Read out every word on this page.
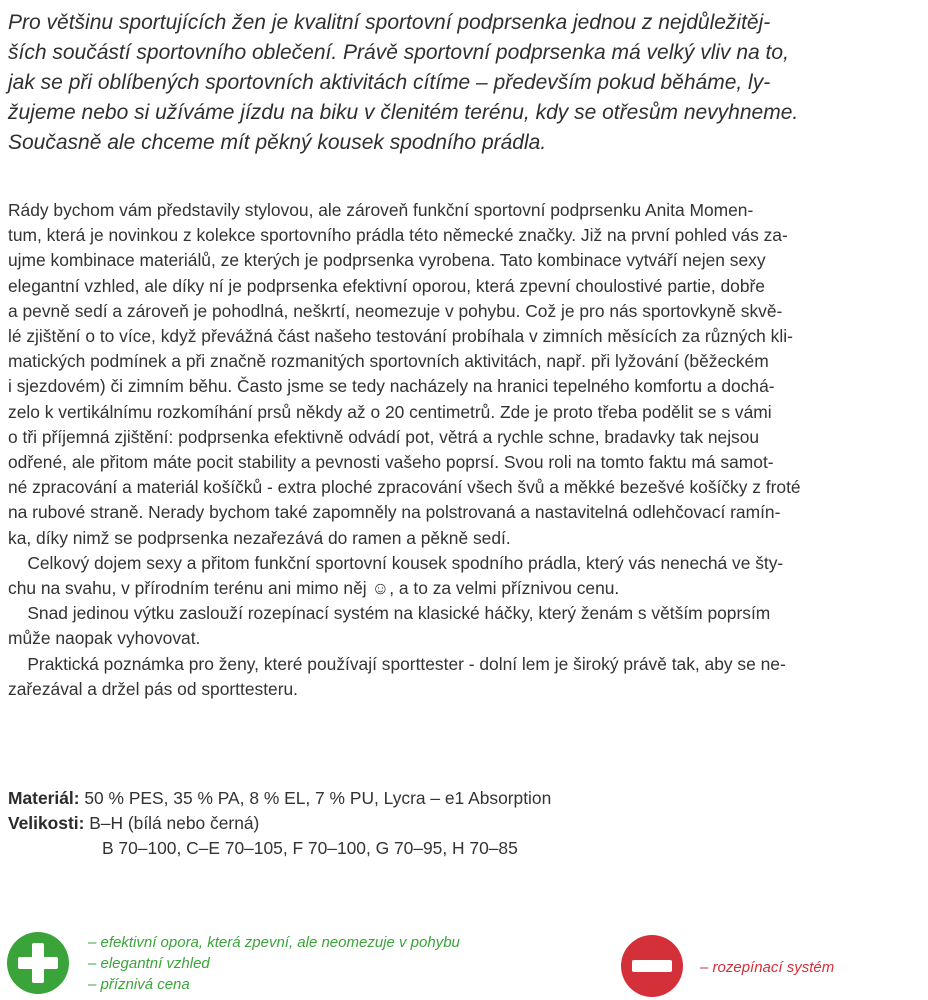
Pro většinu sportujících žen je kvalitní sportovní podprsenka jednou z nejdůležitěj-
ších součástí sportovního oblečení. Právě sportovní podprsenka má velký vliv na to,
jak se při oblíbených sportovních aktivitách cítíme – především pokud běháme, ly-
žujeme nebo si užíváme jízdu na biku v členitém terénu, kdy se otřesům nevyhneme.
Současně ale chceme mít pěkný kousek spodního prádla.
Rády bychom vám představily stylovou, ale zároveň funkční sportovní podprsenku Anita Momen-
tum, která je novinkou z kolekce sportovního prádla této německé značky. Již na první pohled vás za-
ujme kombinace materiálů, ze kterých je podprsenka vyrobena. Tato kombinace vytváří nejen sexy
elegantní vzhled, ale díky ní je podprsenka efektivní oporou, která zpevní choulostivé partie, dobře
a pevně sedí a zároveň je pohodlná, neškrtí, neomezuje v pohybu. Což je pro nás sportovkyně skvě-
lé zjištění o to více, když převážná část našeho testování probíhala v zimních měsících za různých kli-
matických podmínek a při značně rozmanitých sportovních aktivitách, např. při lyžování (běžeckém
i sjezdovém) či zimním běhu. Často jsme se tedy nacházely na hranici tepelného komfortu a dochá-
zelo k vertikálnímu rozkomíhání prsů někdy až o 20 centimetrů. Zde je proto třeba podělit se s vámi
o tři příjemná zjištění: podprsenka efektivně odvádí pot, větrá a rychle schne, bradavky tak nejsou
odřené, ale přitom máte pocit stability a pevnosti vašeho poprsí. Svou roli na tomto faktu má samot-
né zpracování a materiál košíčků - extra ploché zpracování všech švů a měkké bezešvé košíčky z froté
na rubové straně. Nerady bychom také zapomněly na polstrovaná a nastavitelná odlehčovací ramín-
ka, díky nimž se podprsenka nezařezává do ramen a pěkně sedí.
Celkový dojem sexy a přitom funkční sportovní kousek spodního prádla, který vás nenechá ve šty-
chu na svahu, v přírodním terénu ani mimo něj ☺, a to za velmi příznivou cenu.
Snad jedinou výtku zaslouží rozepínací systém na klasické háčky, který ženám s větším poprsím
může naopak vyhovovat.
Praktická poznámka pro ženy, které používají sporttester - dolní lem je široký právě tak, aby se ne-
zařezával a držel pás od sporttesteru.
Materiál: 50 % PES, 35 % PA, 8 % EL, 7 % PU, Lycra – e1 Absorption
Velikosti: B–H (bílá nebo černá)
B 70–100, C–E 70–105, F 70–100, G 70–95, H 70–85
– efektivní opora, která zpevní, ale neomezuje v pohybu
– elegantní vzhled
– příznivá cena
– rozepínací systém
